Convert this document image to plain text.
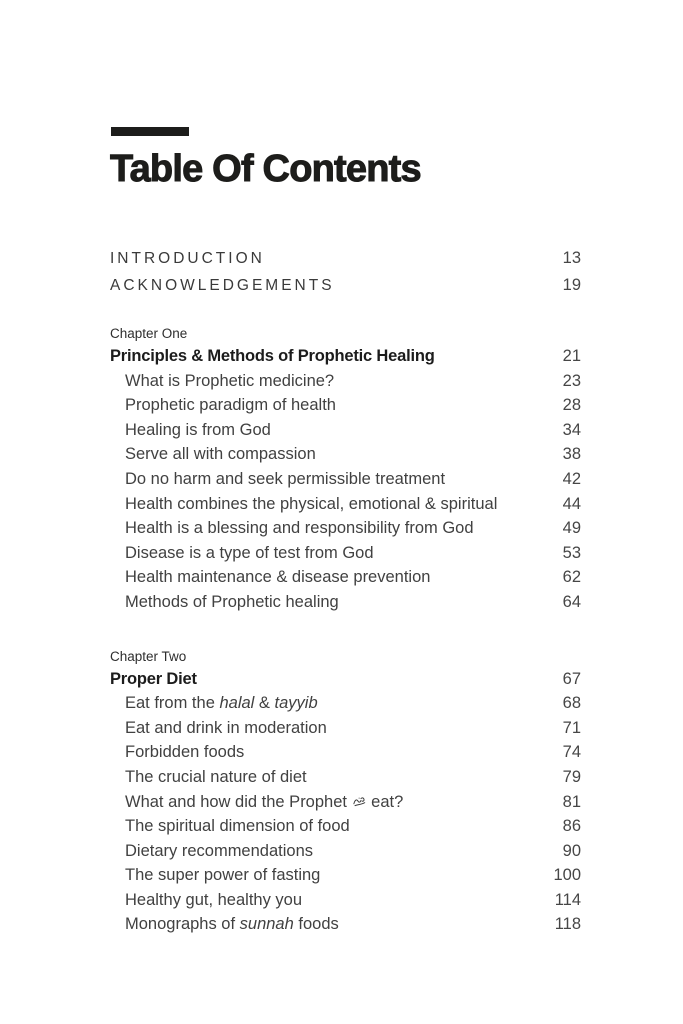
Table Of Contents
INTRODUCTION	13
ACKNOWLEDGEMENTS	19
Chapter One
Principles & Methods of Prophetic Healing	21
What is Prophetic medicine?	23
Prophetic paradigm of health	28
Healing is from God	34
Serve all with compassion	38
Do no harm and seek permissible treatment	42
Health combines the physical, emotional & spiritual	44
Health is a blessing and responsibility from God	49
Disease is a type of test from God	53
Health maintenance & disease prevention	62
Methods of Prophetic healing	64
Chapter Two
Proper Diet	67
Eat from the halal & tayyib	68
Eat and drink in moderation	71
Forbidden foods	74
The crucial nature of diet	79
What and how did the Prophet
eat?	81
The spiritual dimension of food	86
Dietary recommendations	90
The super power of fasting	100
Healthy gut, healthy you	114
Monographs of sunnah foods	118
